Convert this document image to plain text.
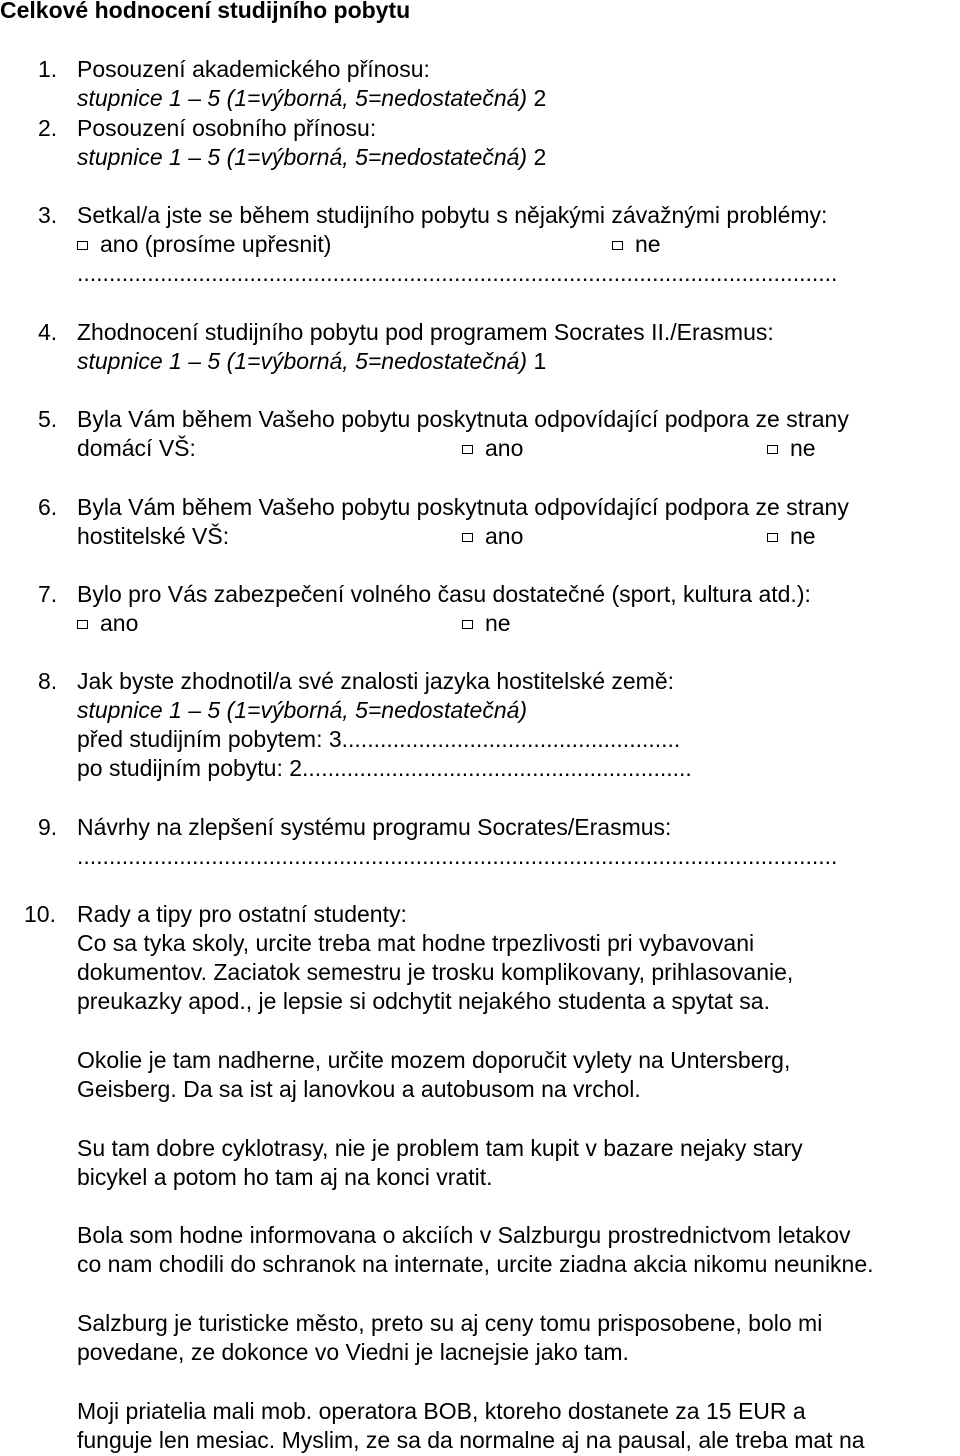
Celkové hodnocení studijního pobytu
1. Posouzení akademického přínosu:
stupnice 1 – 5 (1=výborná, 5=nedostatečná) 2
2. Posouzení osobního přínosu:
stupnice 1 – 5 (1=výborná, 5=nedostatečná) 2
3. Setkal/a jste se během studijního pobytu s nějakými závažnými problémy:
ano (prosíme upřesnit)	ne
.......................................................................................................................
4. Zhodnocení studijního pobytu pod programem Socrates II./Erasmus:
stupnice 1 – 5 (1=výborná, 5=nedostatečná) 1
5. Byla Vám během Vašeho pobytu poskytnuta odpovídající podpora ze strany
domácí VŠ:	ano	ne
6. Byla Vám během Vašeho pobytu poskytnuta odpovídající podpora ze strany
hostitelské VŠ:	ano	ne
7. Bylo pro Vás zabezpečení volného času dostatečné (sport, kultura atd.):
ano	ne
8. Jak byste zhodnotil/a své znalosti jazyka hostitelské země:
stupnice 1 – 5 (1=výborná, 5=nedostatečná)
před studijním pobytem: 3.....................................................
po studijním pobytu: 2.............................................................
9. Návrhy na zlepšení systému programu Socrates/Erasmus:
.......................................................................................................................
10. Rady a tipy pro ostatní studenty:
Co sa tyka skoly, urcite treba mat hodne trpezlivosti pri vybavovani
dokumentov. Zaciatok semestru je trosku komplikovany, prihlasovanie,
preukazky apod., je lepsie si odchytit nejakého studenta a spytat sa.
Okolie je tam nadherne, určite mozem doporučit vylety na Untersberg,
Geisberg. Da sa ist aj lanovkou a autobusom na vrchol.
Su tam dobre cyklotrasy, nie je problem tam kupit v bazare nejaky stary
bicykel a potom ho tam aj na konci vratit.
Bola som hodne informovana o akciích v Salzburgu prostrednictvom letakov
co nam chodili do schranok na internate, urcite ziadna akcia nikomu neunikne.
Salzburg je turisticke město, preto su aj ceny tomu prisposobene, bolo mi
povedane, ze dokonce vo Viedni je lacnejsie jako tam.
Moji priatelia mali mob. operatora BOB, ktoreho dostanete za 15 EUR a
funguje len mesiac. Myslim, ze sa da normalne aj na pausal, ale treba mat na
